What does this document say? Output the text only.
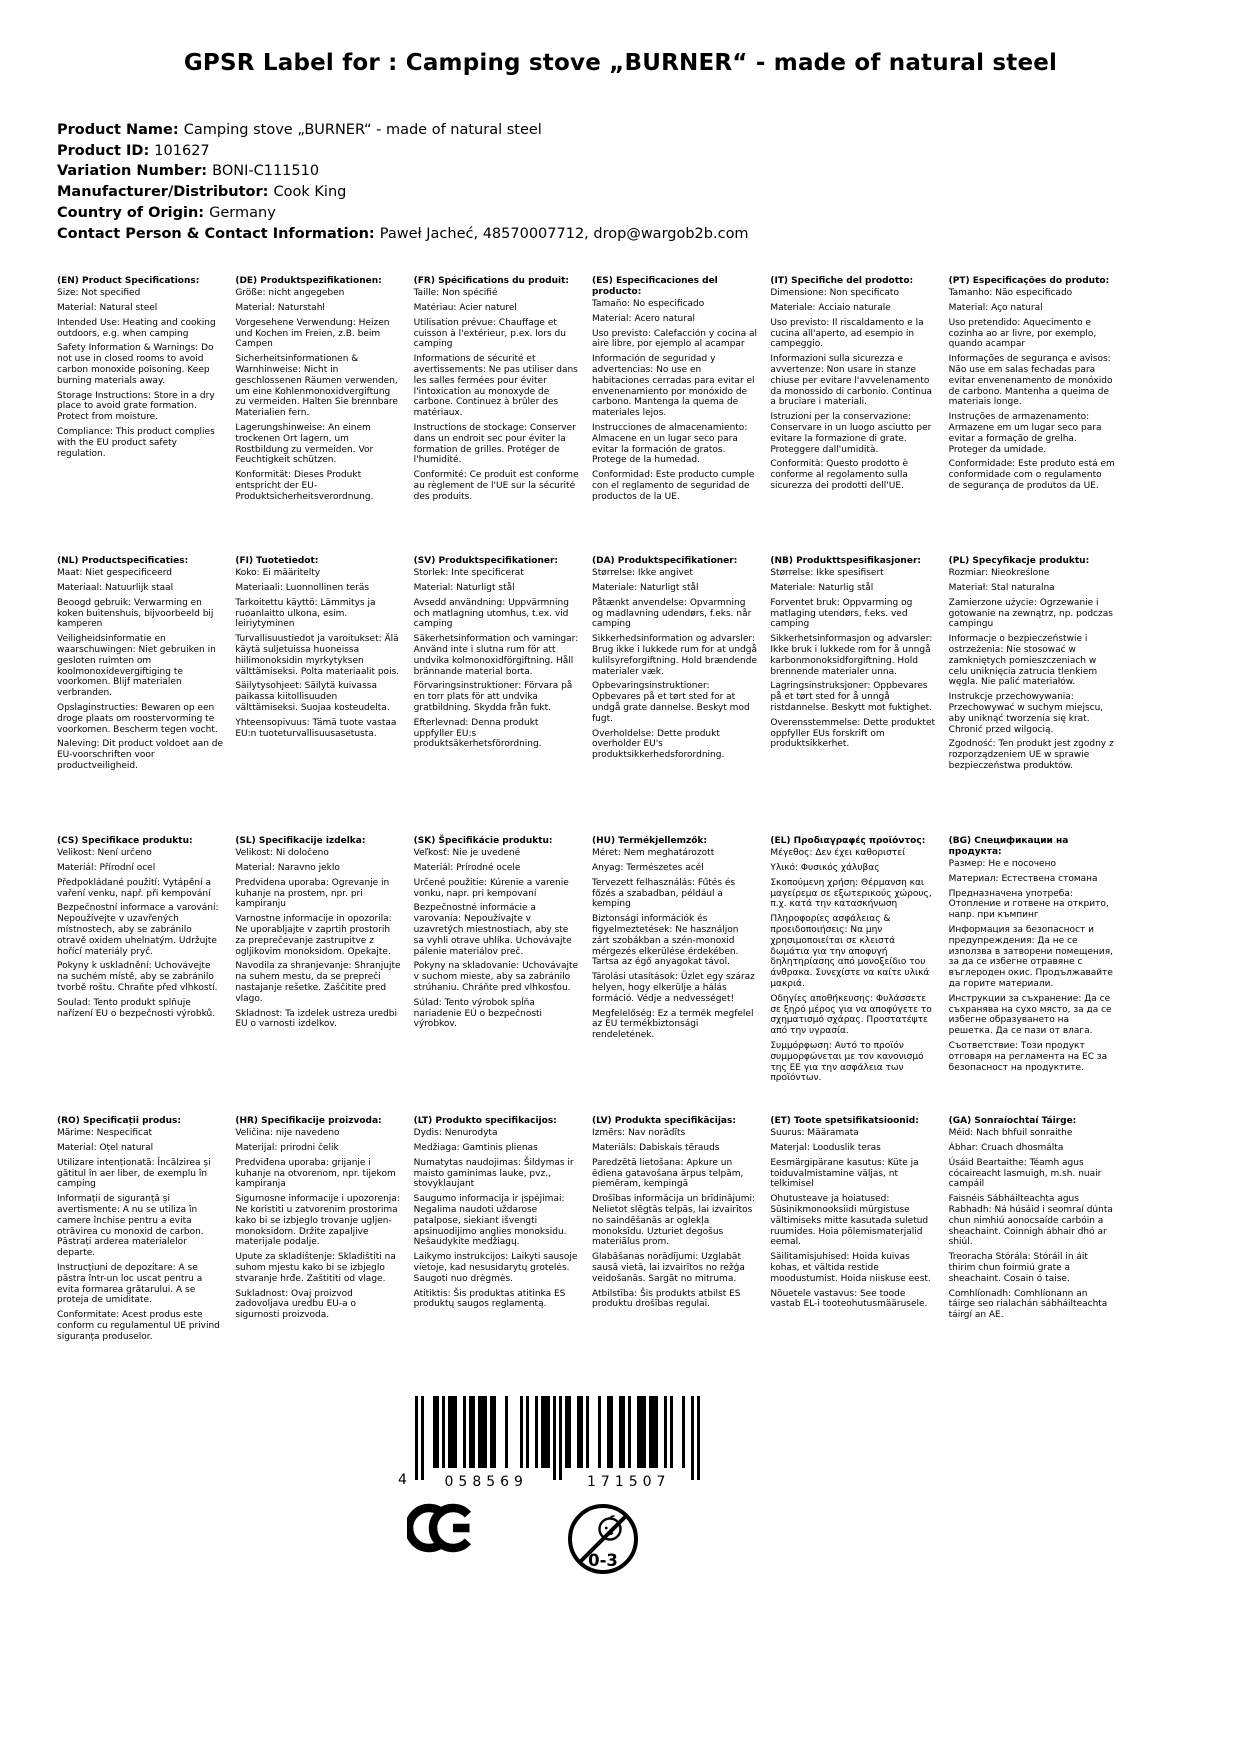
GPSR Label for : Camping stove „BURNER“ - made of natural steel
Product Name: Camping stove „BURNER“ - made of natural steel
Product ID: 101627
Variation Number: BONI-C111510
Manufacturer/Distributor: Cook King
Country of Origin: Germany
Contact Person & Contact Information: Paweł Jacheć, 48570007712, drop@wargob2b.com
(EN) Product Specifications:

Size: Not specified

Material: Natural steel

Intended Use: Heating and cooking outdoors, e.g. when camping

Safety Information & Warnings: Do not use in closed rooms to avoid carbon monoxide poisoning. Keep burning materials away.

Storage Instructions: Store in a dry place to avoid grate formation. Protect from moisture.

Compliance: This product complies with the EU product safety regulation.

(DE) Produktspezifikationen:

Größe: nicht angegeben

Material: Naturstahl

Vorgesehene Verwendung: Heizen und Kochen im Freien, z.B. beim Campen

Sicherheitsinformationen & Warnhinweise: Nicht in geschlossenen Räumen verwenden, um eine Kohlenmonoxidvergiftung zu vermeiden. Halten Sie brennbare Materialien fern.

Lagerungshinweise: An einem trockenen Ort lagern, um Rostbildung zu vermeiden. Vor Feuchtigkeit schützen.

Konformität: Dieses Produkt entspricht der EU-Produktsicherheitsverordnung.

(FR) Spécifications du produit:

Taille: Non spécifié

Matériau: Acier naturel

Utilisation prévue: Chauffage et cuisson à l'extérieur, p.ex. lors du camping

Informations de sécurité et avertissements: Ne pas utiliser dans les salles fermées pour éviter l'intoxication au monoxyde de carbone. Continuez à brûler des matériaux.

Instructions de stockage: Conserver dans un endroit sec pour éviter la formation de grilles. Protéger de l'humidité.

Conformité: Ce produit est conforme au règlement de l'UE sur la sécurité des produits.

(ES) Especificaciones del producto:

Tamaño: No especificado

Material: Acero natural

Uso previsto: Calefacción y cocina al aire libre, por ejemplo al acampar

Información de seguridad y advertencias: No use en habitaciones cerradas para evitar el envenenamiento por monóxido de carbono. Mantenga la quema de materiales lejos.

Instrucciones de almacenamiento: Almacene en un lugar seco para evitar la formación de gratos. Protege de la humedad.

Conformidad: Este producto cumple con el reglamento de seguridad de productos de la UE.

(IT) Specifiche del prodotto:

Dimensione: Non specificato

Materiale: Acciaio naturale

Uso previsto: Il riscaldamento e la cucina all'aperto, ad esempio in campeggio.

Informazioni sulla sicurezza e avvertenze: Non usare in stanze chiuse per evitare l'avvelenamento da monossido di carbonio. Continua a bruciare i materiali.

Istruzioni per la conservazione: Conservare in un luogo asciutto per evitare la formazione di grate. Proteggere dall'umidità.

Conformità: Questo prodotto è conforme al regolamento sulla sicurezza dei prodotti dell'UE.

(PT) Especificações do produto:

Tamanho: Não especificado

Material: Aço natural

Uso pretendido: Aquecimento e cozinha ao ar livre, por exemplo, quando acampar

Informações de segurança e avisos: Não use em salas fechadas para evitar envenenamento de monóxido de carbono. Mantenha a queima de materiais longe.

Instruções de armazenamento: Armazene em um lugar seco para evitar a formação de grelha. Proteger da umidade.

Conformidade: Este produto está em conformidade com o regulamento de segurança de produtos da UE.

(NL) Productspecificaties:

Maat: Niet gespecificeerd

Materiaal: Natuurlijk staal

Beoogd gebruik: Verwarming en koken buitenshuis, bijvoorbeeld bij kamperen

Veiligheidsinformatie en waarschuwingen: Niet gebruiken in gesloten ruimten om koolmonoxidevergiftiging te voorkomen. Blijf materialen verbranden.

Opslaginstructies: Bewaren op een droge plaats om roostervorming te voorkomen. Bescherm tegen vocht.

Naleving: Dit product voldoet aan de EU-voorschriften voor productveiligheid.

(FI) Tuotetiedot:

Koko: Ei määritelty

Materiaali: Luonnollinen teräs

Tarkoitettu käyttö: Lämmitys ja ruoanlaitto ulkona, esim. leiriytyminen

Turvallisuustiedot ja varoitukset: Älä käytä suljetuissa huoneissa hiilimonoksidin myrkytyksen välttämiseksi. Polta materiaalit pois.

Säilytysohjeet: Säilytä kuivassa paikassa kiitollisuuden välttämiseksi. Suojaa kosteudelta.

Yhteensopivuus: Tämä tuote vastaa EU:n tuoteturvallisuusasetusta.

(SV) Produktspecifikationer:

Storlek: Inte specificerat

Material: Naturligt stål

Avsedd användning: Uppvärmning och matlagning utomhus, t.ex. vid camping

Säkerhetsinformation och varningar: Använd inte i slutna rum för att undvika kolmonoxidförgiftning. Håll brännande material borta.

Förvaringsinstruktioner: Förvara på en torr plats för att undvika gratbildning. Skydda från fukt.

Efterlevnad: Denna produkt uppfyller EU:s produktsäkerhetsförordning.

(DA) Produktspecifikationer:

Størrelse: Ikke angivet

Materiale: Naturligt stål

Påtænkt anvendelse: Opvarmning og madlavning udendørs, f.eks. når camping

Sikkerhedsinformation og advarsler: Brug ikke i lukkede rum for at undgå kulilsyreforgiftning. Hold brændende materialer væk.

Opbevaringsinstruktioner: Opbevares på et tørt sted for at undgå grate dannelse. Beskyt mod fugt.

Overholdelse: Dette produkt overholder EU's produktsikkerhedsforordning.

(NB) Produkttspesifikasjoner:

Størrelse: Ikke spesifisert

Materiale: Naturlig stål

Forventet bruk: Oppvarming og matlaging utendørs, f.eks. ved camping

Sikkerhetsinformasjon og advarsler: Ikke bruk i lukkede rom for å unngå karbonmonoksidforgiftning. Hold brennende materialer unna.

Lagringsinstruksjoner: Oppbevares på et tørt sted for å unngå ristdannelse. Beskytt mot fuktighet.

Overensstemmelse: Dette produktet oppfyller EUs forskrift om produktsikkerhet.

(PL) Specyfikacje produktu:

Rozmiar: Nieokreślone

Materiał: Stal naturalna

Zamierzone użycie: Ogrzewanie i gotowanie na zewnątrz, np. podczas campingu

Informacje o bezpieczeństwie i ostrzeżenia: Nie stosować w zamkniętych pomieszczeniach w celu uniknięcia zatrucia tlenkiem węgla. Nie palić materiałów.

Instrukcje przechowywania: Przechowywać w suchym miejscu, aby uniknąć tworzenia się krat. Chronić przed wilgocią.

Zgodność: Ten produkt jest zgodny z rozporządzeniem UE w sprawie bezpieczeństwa produktów.

(CS) Specifikace produktu:

Velikost: Není určeno

Materiál: Přírodní ocel

Předpokládané použití: Vytápění a vaření venku, např. při kempování

Bezpečnostní informace a varování: Nepoužívejte v uzavřených místnostech, aby se zabránilo otravě oxidem uhelnatým. Udržujte hořící materiály pryč.

Pokyny k uskladnění: Uchovávejte na suchém místě, aby se zabránilo tvorbě roštu. Chraňte před vlhkostí.

Soulad: Tento produkt splňuje nařízení EU o bezpečnosti výrobků.

(SL) Specifikacije izdelka:

Velikost: Ni določeno

Material: Naravno jeklo

Predvidena uporaba: Ogrevanje in kuhanje na prostem, npr. pri kampiranju

Varnostne informacije in opozorila: Ne uporabljajte v zaprtih prostorih za preprečevanje zastrupitve z ogljikovim monoksidom. Opekajte.

Navodila za shranjevanje: Shranjujte na suhem mestu, da se prepreči nastajanje rešetke. Zaščitite pred vlago.

Skladnost: Ta izdelek ustreza uredbi EU o varnosti izdelkov.

(SK) Špecifikácie produktu:

Veľkosť: Nie je uvedené

Materiál: Prírodné ocele

Určené použitie: Kúrenie a varenie vonku, napr. pri kempovaní

Bezpečnostné informácie a varovania: Nepoužívajte v uzavretých miestnostiach, aby ste sa vyhli otrave uhlíka. Uchovávajte pálenie materiálov preč.

Pokyny na skladovanie: Uchovávajte v suchom mieste, aby sa zabránilo strúhaniu. Chráňte pred vlhkosťou.

Súlad: Tento výrobok spĺňa nariadenie EÚ o bezpečnosti výrobkov.

(HU) Termékjellemzők:

Méret: Nem meghatározott

Anyag: Természetes acél

Tervezett felhasználás: Fűtés és főzés a szabadban, például a kemping

Biztonsági információk és figyelmeztetések: Ne használjon zárt szobákban a szén-monoxid mérgezés elkerülése érdekében. Tartsa az égő anyagokat távol.

Tárolási utasítások: Üzlet egy száraz helyen, hogy elkerülje a hálás formáció. Védje a nedvességet!

Megfelelőség: Ez a termék megfelel az EU termékbiztonsági rendeletének.

(EL) Προδιαγραφές προϊόντος:

Μέγεθος: Δεν έχει καθοριστεί

Υλικό: Φυσικός χάλυβας

Σκοπούμενη χρήση: Θέρμανση και μαγείρεμα σε εξωτερικούς χώρους, π.χ. κατά την κατασκήνωση

Πληροφορίες ασφάλειας & προειδοποιήσεις: Να μην χρησιμοποιείται σε κλειστά δωμάτια για την αποφυγή δηλητηρίασης από μονοξείδιο του άνθρακα. Συνεχίστε να καίτε υλικά μακριά.

Οδηγίες αποθήκευσης: Φυλάσσετε σε ξηρό μέρος για να αποφύγετε το σχηματισμό σχάρας. Προστατέψτε από την υγρασία.

Συμμόρφωση: Αυτό το προϊόν συμμορφώνεται με τον κανονισμό της ΕΕ για την ασφάλεια των προϊόντων.

(BG) Спецификации на продукта:

Размер: Не е посочено

Материал: Естествена стомана

Предназначена употреба: Отопление и готвене на открито, напр. при къмпинг

Информация за безопасност и предупреждения: Да не се използва в затворени помещения, за да се избегне отравяне с въглероден окис. Продължавайте да горите материали.

Инструкции за съхранение: Да се съхранява на сухо място, за да се избегне образуването на решетка. Да се пази от влага.

Съответствие: Този продукт отговаря на регламента на ЕС за безопасност на продуктите.

(RO) Specificații produs:

Mărime: Nespecificat

Material: Oțel natural

Utilizare intenționată: Încălzirea și gătitul în aer liber, de exemplu în camping

Informații de siguranță și avertismente: A nu se utiliza în camere închise pentru a evita otrăvirea cu monoxid de carbon. Păstrați arderea materialelor departe.

Instrucțiuni de depozitare: A se păstra într-un loc uscat pentru a evita formarea grătarului. A se proteja de umiditate.

Conformitate: Acest produs este conform cu regulamentul UE privind siguranța produselor.

(HR) Specifikacije proizvoda:

Veličina: nije navedeno

Materijal: prirodni čelik

Predviđena uporaba: grijanje i kuhanje na otvorenom, npr. tijekom kampiranja

Sigurnosne informacije i upozorenja: Ne koristiti u zatvorenim prostorima kako bi se izbjeglo trovanje ugljen-monoksidom. Držite zapaljive materijale podalje.

Upute za skladištenje: Skladištiti na suhom mjestu kako bi se izbjeglo stvaranje hrđe. Zaštititi od vlage.

Sukladnost: Ovaj proizvod zadovoljava uredbu EU-a o sigurnosti proizvoda.

(LT) Produkto specifikacijos:

Dydis: Nenurodyta

Medžiaga: Gamtinis plienas

Numatytas naudojimas: Šildymas ir maisto gaminimas lauke, pvz., stovyklaujant

Saugumo informacija ir įspėjimai: Negalima naudoti uždarose patalpose, siekiant išvengti apsinuodijimo anglies monoksidu. Nešaudykite medžiagų.

Laikymo instrukcijos: Laikyti sausoje vietoje, kad nesusidarytų grotelės. Saugoti nuo drėgmės.

Atitiktis: Šis produktas atitinka ES produktų saugos reglamentą.

(LV) Produkta specifikācijas:

Izmērs: Nav norādīts

Materiāls: Dabiskais tērauds

Paredzētā lietošana: Apkure un ēdiena gatavošana ārpus telpām, piemēram, kempingā

Drošības informācija un brīdinājumi: Nelietot slēgtās telpās, lai izvairītos no saindēšanās ar oglekļa monoksīdu. Uzturiet degošus materiālus prom.

Glabāšanas norādījumi: Uzglabāt sausā vietā, lai izvairītos no režģa veidošanās. Sargāt no mitruma.

Atbilstība: Šis produkts atbilst ES produktu drošības regulai.

(ET) Toote spetsifikatsioonid:

Suurus: Määramata

Materjal: Looduslik teras

Eesmärgipärane kasutus: Küte ja toiduvalmistamine väljas, nt telkimisel

Ohutusteave ja hoiatused: Süsinikmonooksiidi mürgistuse vältimiseks mitte kasutada suletud ruumides. Hoia põlemismaterjalid eemal.

Säilitamisjuhised: Hoida kuivas kohas, et vältida restide moodustumist. Hoida niiskuse eest.

Nõuetele vastavus: See toode vastab EL-i tooteohutusmäärusele.

(GA) Sonraíochtaí Táirge:

Méid: Nach bhfuil sonraithe

Ábhar: Cruach dhosmálta

Úsáid Beartaithe: Téamh agus cócaireacht lasmuigh, m.sh. nuair campáil

Faisnéis Sábháilteachta agus Rabhadh: Ná húsáid i seomraí dúnta chun nimhiú aonocsaíde carbóin a sheachaint. Coinnigh ábhair dhó ar shiúl.

Treoracha Stórála: Stóráil in áit thirim chun foirmiú grate a sheachaint. Cosain ó taise.

Comhlíonadh: Comhlíonann an táirge seo rialachán sábháilteachta táirgí an AE.

4	058569	171507
0-3
